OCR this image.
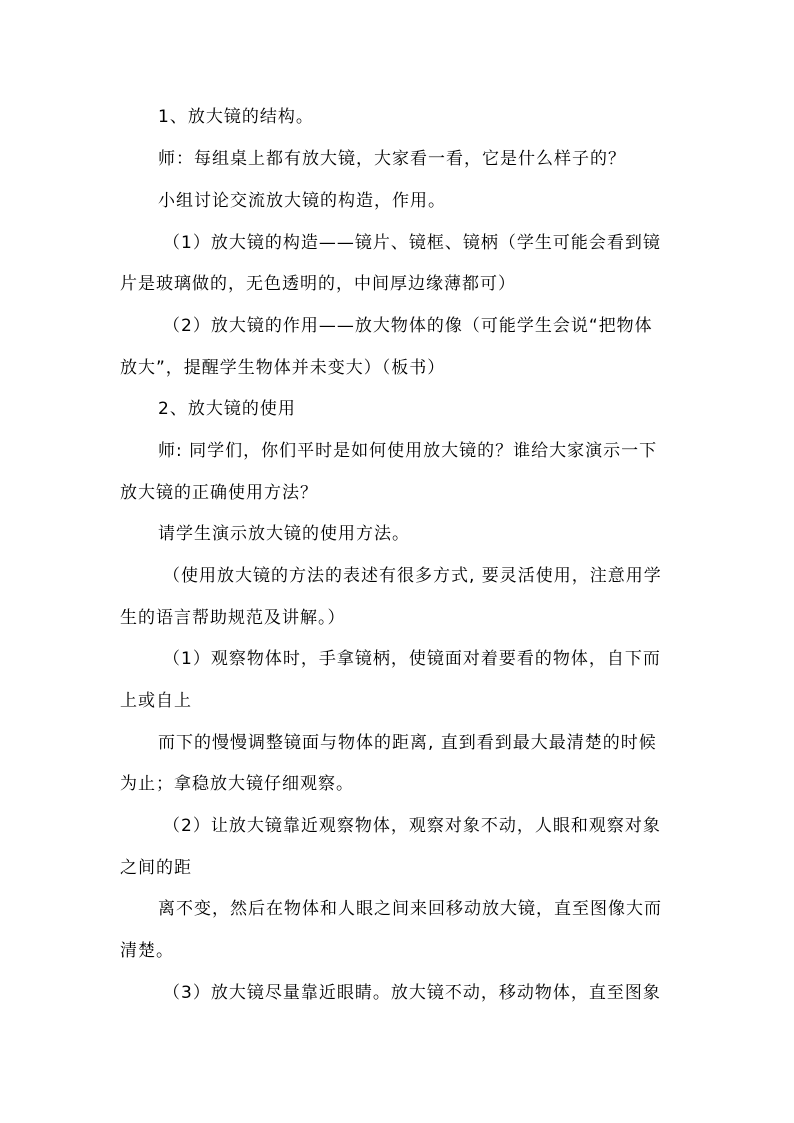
1、放大镜的结构。
师：每组桌上都有放大镜，大家看一看，它是什么样子的？
小组讨论交流放大镜的构造，作用。
（1）放大镜的构造——镜片、镜框、镜柄（学生可能会看到镜
片是玻璃做的，无色透明的，中间厚边缘薄都可）
（2）放大镜的作用——放大物体的像（可能学生会说“把物体
放大”，提醒学生物体并未变大）（板书）
2、放大镜的使用
师: 同学们，你们平时是如何使用放大镜的？谁给大家演示一下
放大镜的正确使用方法？
请学生演示放大镜的使用方法。
（使用放大镜的方法的表述有很多方式, 要灵活使用，注意用学
生的语言帮助规范及讲解。）
（1）观察物体时，手拿镜柄，使镜面对着要看的物体，自下而
上或自上
而下的慢慢调整镜面与物体的距离, 直到看到最大最清楚的时候
为止；拿稳放大镜仔细观察。
（2）让放大镜靠近观察物体，观察对象不动，人眼和观察对象
之间的距
离不变，然后在物体和人眼之间来回移动放大镜，直至图像大而
清楚。
（3）放大镜尽量靠近眼睛。放大镜不动，移动物体，直至图象
